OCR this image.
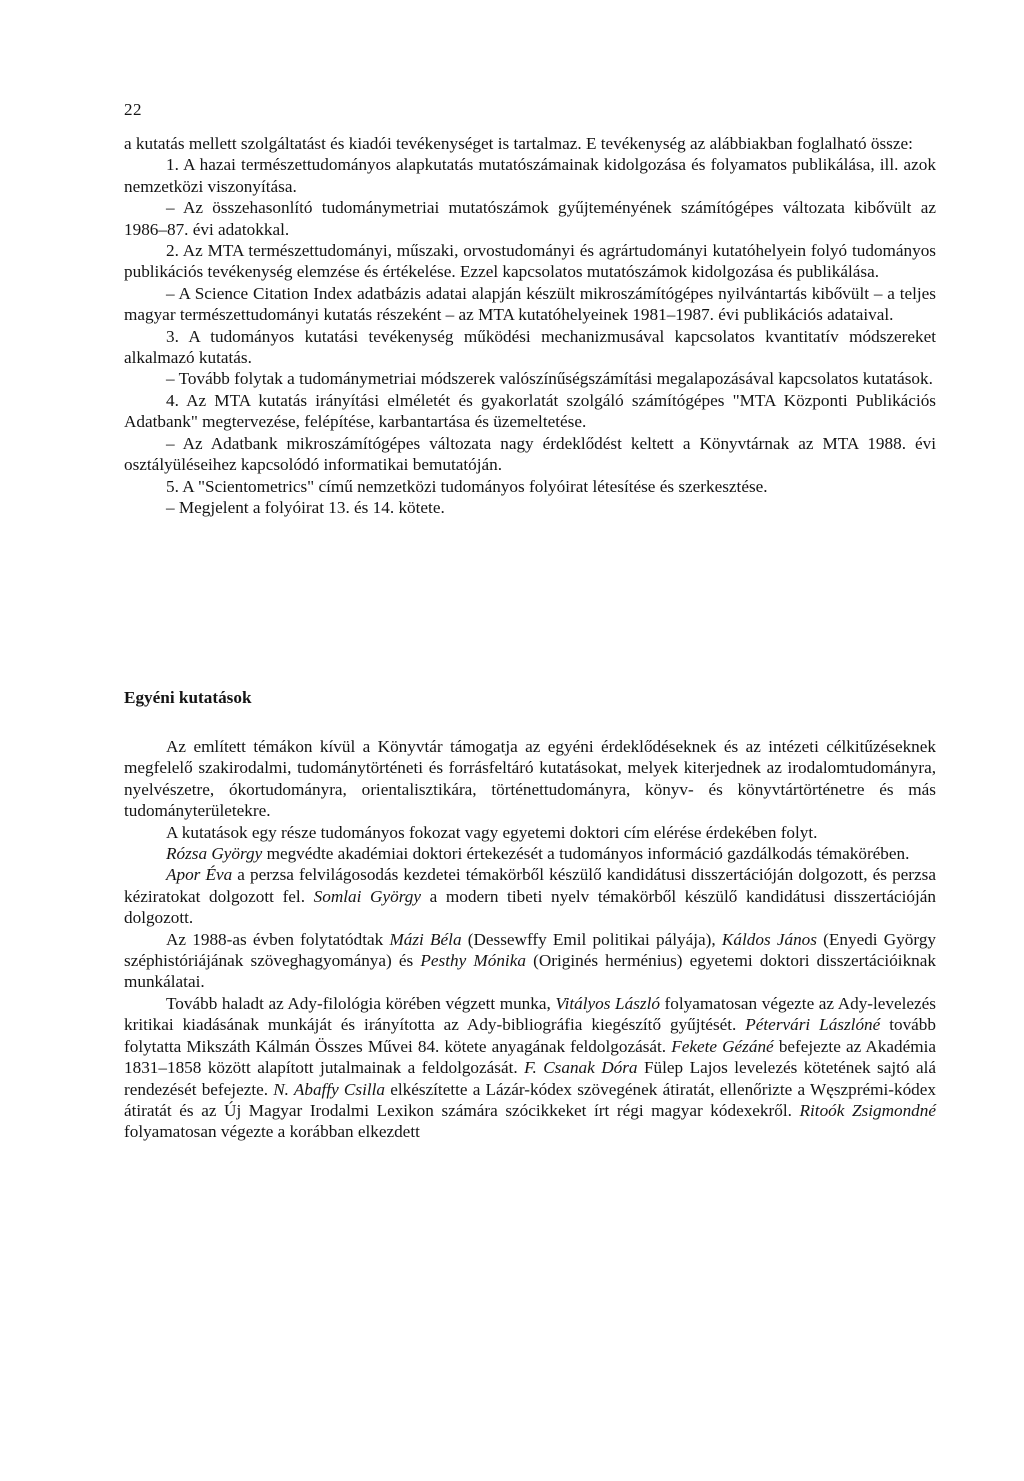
22

a kutatás mellett szolgáltatást és kiadói tevékenységet is tartalmaz. E tevékenység az alábbiakban foglalható össze:

1. A hazai természettudományos alapkutatás mutatószámainak kidolgozása és folyamatos publikálása, ill. azok nemzetközi viszonyítása.

– Az összehasonlító tudománymetriai mutatószámok gyűjteményének számítógépes változata kibővült az 1986–87. évi adatokkal.

2. Az MTA természettudományi, műszaki, orvostudományi és agrártudományi kutatóhelyein folyó tudományos publikációs tevékenység elemzése és értékelése. Ezzel kapcsolatos mutatószámok kidolgozása és publikálása.

– A Science Citation Index adatbázis adatai alapján készült mikroszámítógépes nyilvántartás kibővült – a teljes magyar természettudományi kutatás részeként – az MTA kutatóhelyeinek 1981–1987. évi publikációs adataival.

3. A tudományos kutatási tevékenység működési mechanizmusával kapcsolatos kvantitatív módszereket alkalmazó kutatás.

– Tovább folytak a tudománymetriai módszerek valószínűségszámítási megalapozásával kapcsolatos kutatások.

4. Az MTA kutatás irányítási elméletét és gyakorlatát szolgáló számítógépes "MTA Központi Publikációs Adatbank" megtervezése, felépítése, karbantartása és üzemeltetése.

– Az Adatbank mikroszámítógépes változata nagy érdeklődést keltett a Könyvtárnak az MTA 1988. évi osztályüléseihez kapcsolódó informatikai bemutatóján.

5. A "Scientometrics" című nemzetközi tudományos folyóirat létesítése és szerkesztése.

– Megjelent a folyóirat 13. és 14. kötete.

Egyéni kutatások

Az említett témákon kívül a Könyvtár támogatja az egyéni érdeklődéseknek és az intézeti célkitűzéseknek megfelelő szakirodalmi, tudománytörténeti és forrásfeltáró kutatásokat, melyek kiterjednek az irodalomtudományra, nyelvészetre, ókortudományra, orientalisztikára, történettudományra, könyv- és könyvtártörténetre és más tudományterületekre.

A kutatások egy része tudományos fokozat vagy egyetemi doktori cím elérése érdekében folyt.

Rózsa György megvédte akadémiai doktori értekezését a tudományos információ gazdálkodás témakörében.

Apor Éva a perzsa felvilágosodás kezdetei témakörből készülő kandidátusi disszertációján dolgozott, és perzsa kéziratokat dolgozott fel. Somlai György a modern tibeti nyelv témakörből készülő kandidátusi disszertációján dolgozott.

Az 1988-as évben folytatódtak Mázi Béla (Dessewffy Emil politikai pályája), Káldos János (Enyedi György széphistóriájának szöveghagyománya) és Pesthy Mónika (Originés herménius) egyetemi doktori disszertációiknak munkálatai.

Tovább haladt az Ady-filológia körében végzett munka, Vitályos László folyamatosan végezte az Ady-levelezés kritikai kiadásának munkáját és irányította az Ady-bibliográfia kiegészítő gyűjtését. Pétervári Lászlóné tovább folytatta Mikszáth Kálmán Összes Művei 84. kötete anyagának feldolgozását. Fekete Gézáné befejezte az Akadémia 1831–1858 között alapított jutalmainak a feldolgozását. F. Csanak Dóra Fülep Lajos levelezés kötetének sajtó alá rendezését befejezte. N. Abaffy Csilla elkészítette a Lázár-kódex szövegének átiratát, ellenőrizte a Węszprémi-kódex átiratát és az Új Magyar Irodalmi Lexikon számára szócikkeket írt régi magyar kódexekről. Ritoók Zsigmondné folyamatosan végezte a korábban elkezdett
